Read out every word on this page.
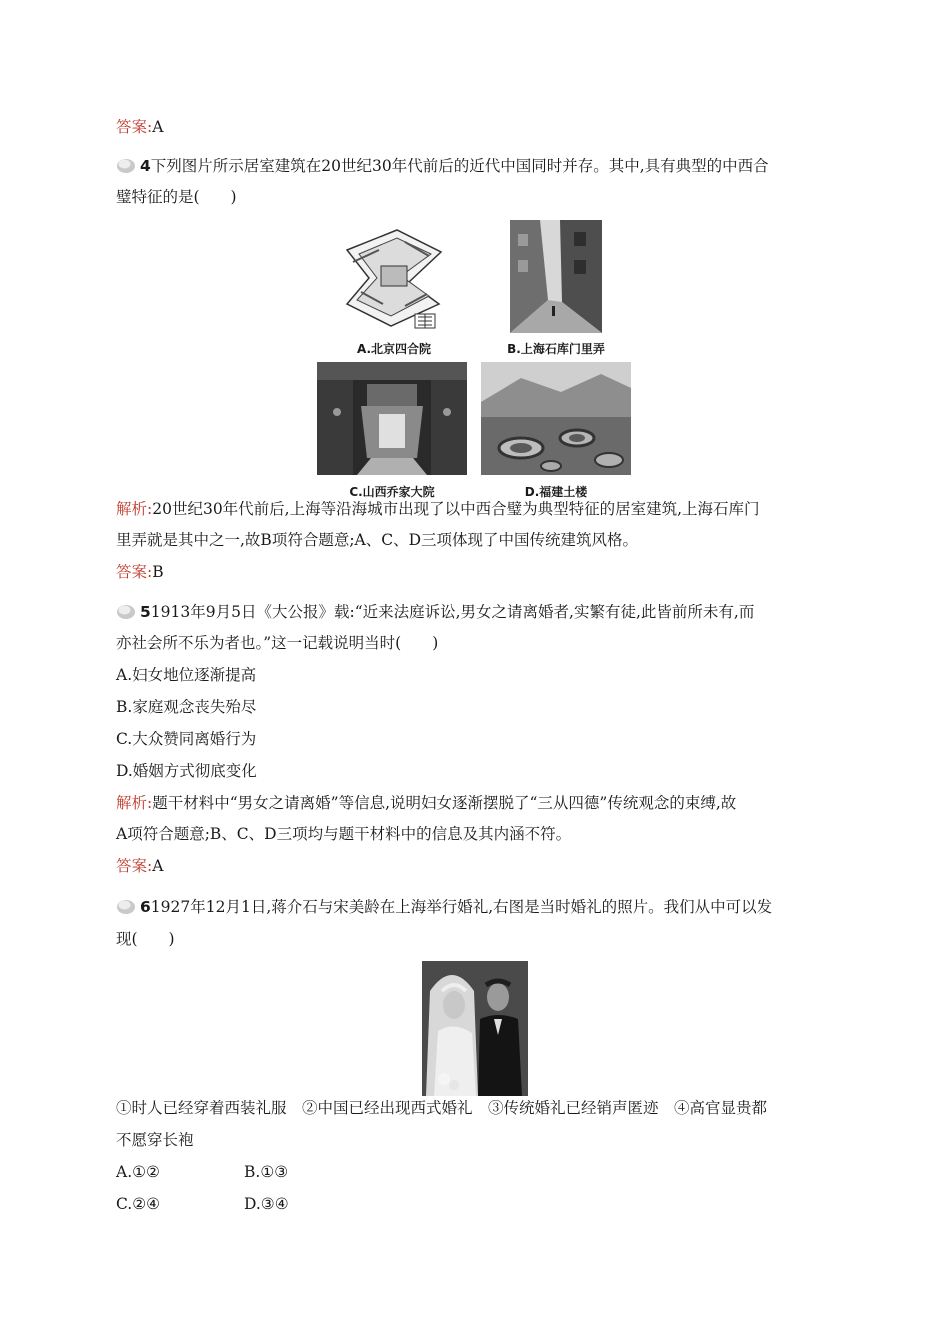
答案:A
4下列图片所示居室建筑在20世纪30年代前后的近代中国同时并存。其中,具有典型的中西合
璧特征的是(　　)
A.北京四合院	B.上海石库门里弄
C.山西乔家大院	D.福建土楼
解析:20世纪30年代前后,上海等沿海城市出现了以中西合璧为典型特征的居室建筑,上海石库门
里弄就是其中之一,故B项符合题意;A、C、D三项体现了中国传统建筑风格。
答案:B
51913年9月5日《大公报》载:“近来法庭诉讼,男女之请离婚者,实繁有徒,此皆前所未有,而
亦社会所不乐为者也。”这一记载说明当时(　　)
A.妇女地位逐渐提高
B.家庭观念丧失殆尽
C.大众赞同离婚行为
D.婚姻方式彻底变化
解析:题干材料中“男女之请离婚”等信息,说明妇女逐渐摆脱了“三从四德”传统观念的束缚,故
A项符合题意;B、C、D三项均与题干材料中的信息及其内涵不符。
答案:A
61927年12月1日,蒋介石与宋美龄在上海举行婚礼,右图是当时婚礼的照片。我们从中可以发
现(　　)
①时人已经穿着西装礼服　②中国已经出现西式婚礼　③传统婚礼已经销声匿迹　④高官显贵都
不愿穿长袍
A.①②	B.①③
C.②④	D.③④
